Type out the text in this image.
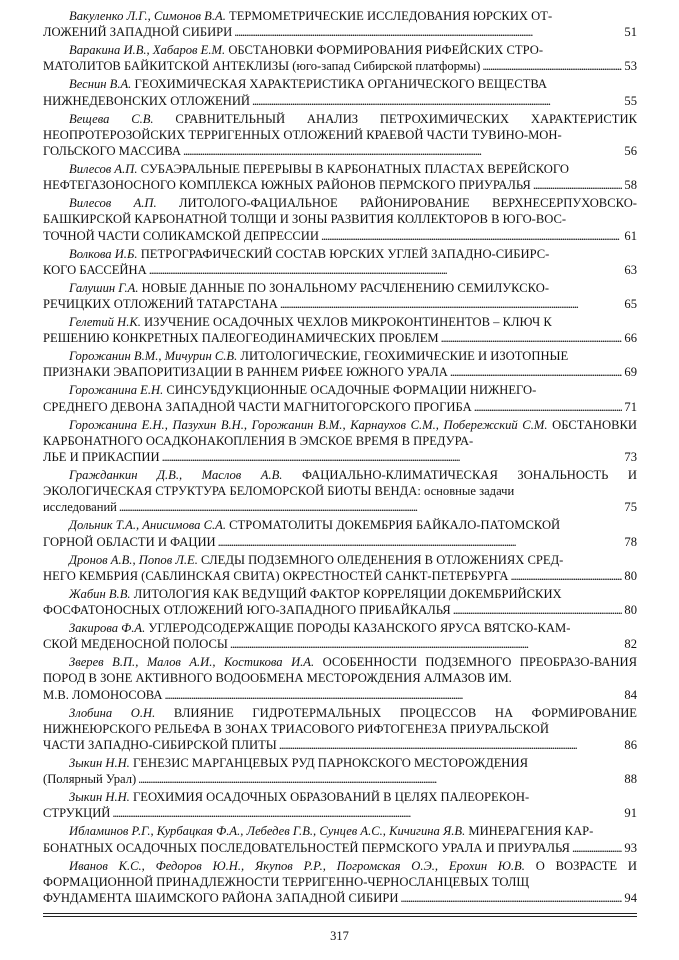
Вакуленко Л.Г., Симонов В.А. ТЕРМОМЕТРИЧЕСКИЕ ИССЛЕДОВАНИЯ ЮРСКИХ ОТ-
ЛОЖЕНИЙ ЗАПАДНОЙ СИБИРИ . . .	51
Варакина И.В., Хабаров Е.М. ОБСТАНОВКИ ФОРМИРОВАНИЯ РИФЕЙСКИХ СТРО-
МАТОЛИТОВ БАЙКИТСКОЙ АНТЕКЛИЗЫ (юго-запад Сибирской платформы) . . .	53
Веснин В.А. ГЕОХИМИЧЕСКАЯ ХАРАКТЕРИСТИКА ОРГАНИЧЕСКОГО ВЕЩЕСТВА
НИЖНЕДЕВОНСКИХ ОТЛОЖЕНИЙ . . .	55
Вещева С.В. СРАВНИТЕЛЬНЫЙ АНАЛИЗ ПЕТРОХИМИЧЕСКИХ ХАРАКТЕРИСТИК НЕОПРОТЕРОЗОЙСКИХ ТЕРРИГЕННЫХ ОТЛОЖЕНИЙ КРАЕВОЙ ЧАСТИ ТУВИНО-МОН-
ГОЛЬСКОГО МАССИВА . . .	56
Вилесов А.П. СУБАЭРАЛЬНЫЕ ПЕРЕРЫВЫ В КАРБОНАТНЫХ ПЛАСТАХ ВЕРЕЙСКОГО
НЕФТЕГАЗОНОСНОГО КОМПЛЕКСА ЮЖНЫХ РАЙОНОВ ПЕРМСКОГО ПРИУРАЛЬЯ . . .	58
Вилесов А.П. ЛИТОЛОГО-ФАЦИАЛЬНОЕ РАЙОНИРОВАНИЕ ВЕРХНЕСЕРПУХОВСКО-БАШКИРСКОЙ КАРБОНАТНОЙ ТОЛЩИ И ЗОНЫ РАЗВИТИЯ КОЛЛЕКТОРОВ В ЮГО-ВОС-
ТОЧНОЙ ЧАСТИ СОЛИКАМСКОЙ ДЕПРЕССИИ . . .	61
Волкова И.Б. ПЕТРОГРАФИЧЕСКИЙ СОСТАВ ЮРСКИХ УГЛЕЙ ЗАПАДНО-СИБИРС-
КОГО БАССЕЙНА . . .	63
Галушин Г.А. НОВЫЕ ДАННЫЕ ПО ЗОНАЛЬНОМУ РАСЧЛЕНЕНИЮ СЕМИЛУКСКО-
РЕЧИЦКИХ ОТЛОЖЕНИЙ ТАТАРСТАНА . . .	65
Гелетий Н.К. ИЗУЧЕНИЕ ОСАДОЧНЫХ ЧЕХЛОВ МИКРОКОНТИНЕНТОВ – КЛЮЧ К
РЕШЕНИЮ КОНКРЕТНЫХ ПАЛЕОГЕОДИНАМИЧЕСКИХ ПРОБЛЕМ . . .	66
Горожанин В.М., Мичурин С.В. ЛИТОЛОГИЧЕСКИЕ, ГЕОХИМИЧЕСКИЕ И ИЗОТОПНЫЕ
ПРИЗНАКИ ЭВАПОРИТИЗАЦИИ В РАННЕМ РИФЕЕ ЮЖНОГО УРАЛА . . .	69
Горожанина Е.Н. СИНСУБДУКЦИОННЫЕ ОСАДОЧНЫЕ ФОРМАЦИИ НИЖНЕГО-
СРЕДНЕГО ДЕВОНА ЗАПАДНОЙ ЧАСТИ МАГНИТОГОРСКОГО ПРОГИБА . . .	71
Горожанина Е.Н., Пазухин В.Н., Горожанин В.М., Карнаухов С.М., Побережский С.М. ОБСТАНОВКИ КАРБОНАТНОГО ОСАДКОНАКОПЛЕНИЯ В ЭМСКОЕ ВРЕМЯ В ПРЕДУРА-
ЛЬЕ И ПРИКАСПИИ . . .	73
Гражданкин Д.В., Маслов А.В. ФАЦИАЛЬНО-КЛИМАТИЧЕСКАЯ ЗОНАЛЬНОСТЬ И ЭКОЛОГИЧЕСКАЯ СТРУКТУРА БЕЛОМОРСКОЙ БИОТЫ ВЕНДА: основные задачи
исследований . . .	75
Дольник Т.А., Анисимова С.А. СТРОМАТОЛИТЫ ДОКЕМБРИЯ БАЙКАЛО-ПАТОМСКОЙ
ГОРНОЙ ОБЛАСТИ И ФАЦИИ . . .	78
Дронов А.В., Попов Л.Е. СЛЕДЫ ПОДЗЕМНОГО ОЛЕДЕНЕНИЯ В ОТЛОЖЕНИЯХ СРЕД-
НЕГО КЕМБРИЯ (САБЛИНСКАЯ СВИТА) ОКРЕСТНОСТЕЙ САНКТ-ПЕТЕРБУРГА . . .	80
Жабин В.В. ЛИТОЛОГИЯ КАК ВЕДУЩИЙ ФАКТОР КОРРЕЛЯЦИИ ДОКЕМБРИЙСКИХ
ФОСФАТОНОСНЫХ ОТЛОЖЕНИЙ ЮГО-ЗАПАДНОГО ПРИБАЙКАЛЬЯ . . .	80
Закирова Ф.А. УГЛЕРОДСОДЕРЖАЩИЕ ПОРОДЫ КАЗАНСКОГО ЯРУСА ВЯТСКО-КАМ-
СКОЙ МЕДЕНОСНОЙ ПОЛОСЫ . . .	82
Зверев В.П., Малов А.И., Костикова И.А. ОСОБЕННОСТИ ПОДЗЕМНОГО ПРЕОБРАЗО-ВАНИЯ ПОРОД В ЗОНЕ АКТИВНОГО ВОДООБМЕНА МЕСТОРОЖДЕНИЯ АЛМАЗОВ ИМ.
М.В. ЛОМОНОСОВА . . .	84
Злобина О.Н. ВЛИЯНИЕ ГИДРОТЕРМАЛЬНЫХ ПРОЦЕССОВ НА ФОРМИРОВАНИЕ НИЖНЕЮРСКОГО РЕЛЬЕФА В ЗОНАХ ТРИАСОВОГО РИФТОГЕНЕЗА ПРИУРАЛЬСКОЙ
ЧАСТИ ЗАПАДНО-СИБИРСКОЙ ПЛИТЫ . . .	86
Зыкин Н.Н. ГЕНЕЗИС МАРГАНЦЕВЫХ РУД ПАРНОКСКОГО МЕСТОРОЖДЕНИЯ
(Полярный Урал) . . .	88
Зыкин Н.Н. ГЕОХИМИЯ ОСАДОЧНЫХ ОБРАЗОВАНИЙ В ЦЕЛЯХ ПАЛЕОРЕКОН-
СТРУКЦИЙ . . .	91
Ибламинов Р.Г., Курбацкая Ф.А., Лебедев Г.В., Сунцев А.С., Кичигина Я.В. МИНЕРАГЕНИЯ КАР-
БОНАТНЫХ ОСАДОЧНЫХ ПОСЛЕДОВАТЕЛЬНОСТЕЙ ПЕРМСКОГО УРАЛА И ПРИУРАЛЬЯ . . .	93
Иванов К.С., Федоров Ю.Н., Якупов Р.Р., Погромская О.Э., Ерохин Ю.В. О ВОЗРАСТЕ И ФОРМАЦИОННОЙ ПРИНАДЛЕЖНОСТИ ТЕРРИГЕННО-ЧЕРНОСЛАНЦЕВЫХ ТОЛЩ
ФУНДАМЕНТА ШАИМСКОГО РАЙОНА ЗАПАДНОЙ СИБИРИ . . .	94
317
